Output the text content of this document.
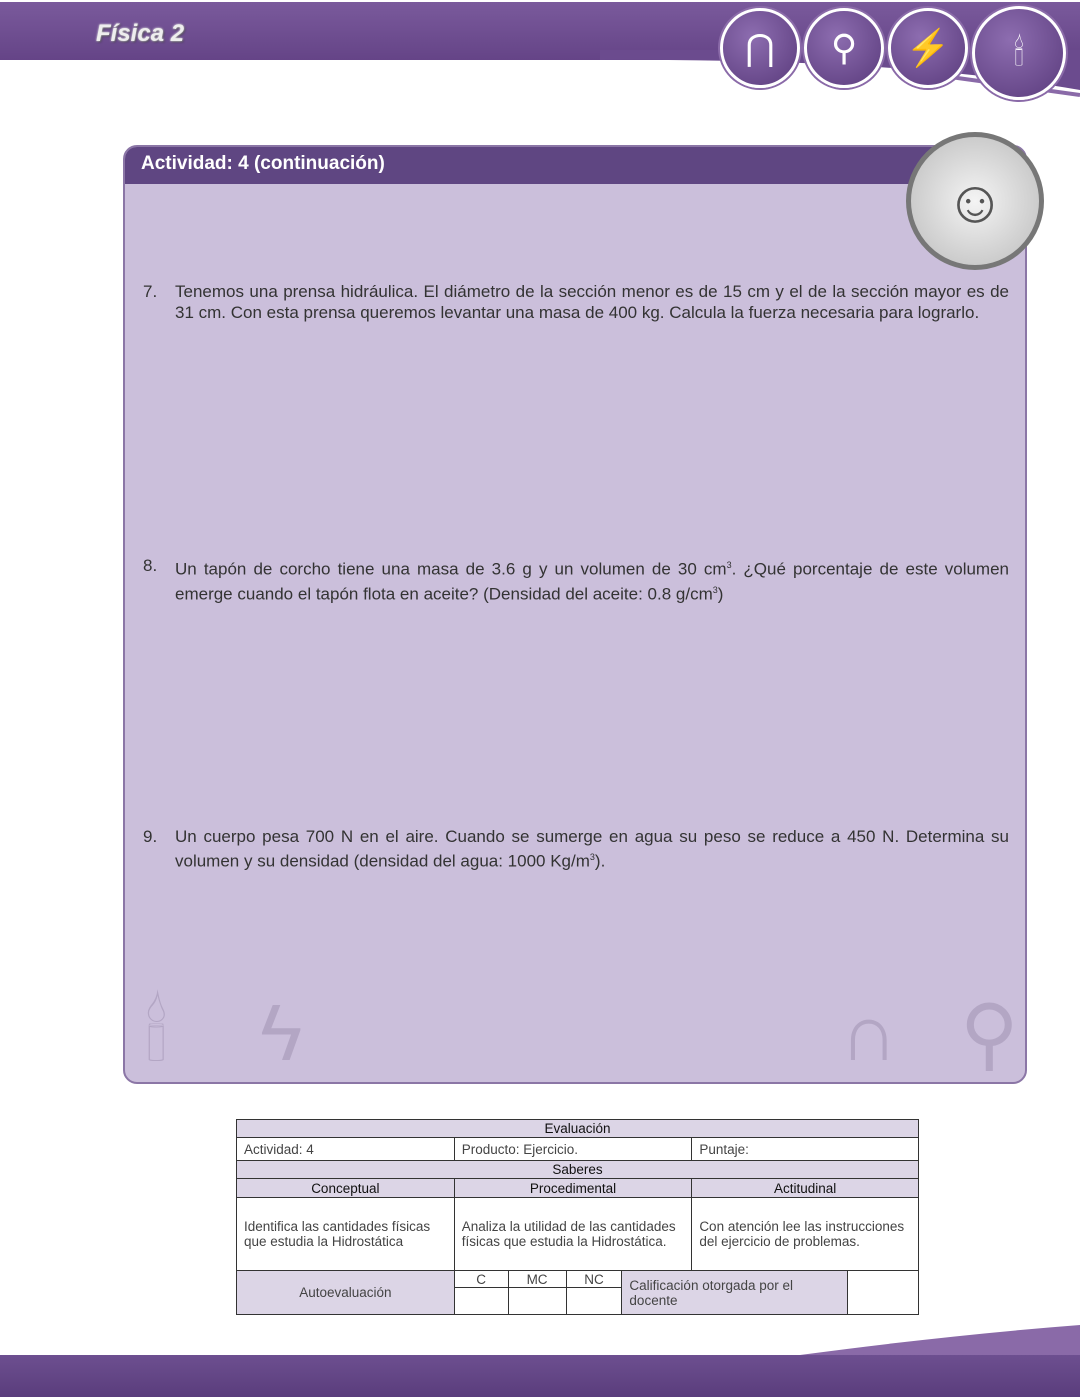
Física 2	⋂	⚲	⚡	🕯
Actividad: 4 (continuación)
🕯 ϟ	∩ ⚲
☺
7. Tenemos una prensa hidráulica. El diámetro de la sección menor es de 15 cm y el de la sección mayor es de 31 cm. Con esta prensa queremos levantar una masa de 400 kg. Calcula la fuerza necesaria para lograrlo.
8. Un tapón de corcho tiene una masa de 3.6 g y un volumen de 30 $cm^3$. ¿Qué porcentaje de este volumen emerge cuando el tapón flota en aceite? (Densidad del aceite: 0.8 $g/cm^3$)
9. Un cuerpo pesa 700 N en el aire. Cuando se sumerge en agua su peso se reduce a 450 N. Determina su volumen y su densidad (densidad del agua: 1000 $Kg/m^3$).
Evaluación						
Actividad: 4	Producto: Ejercicio.				Puntaje:	
Saberes						
Conceptual	Procedimental				Actitudinal	
Identifica las cantidades físicas que estudia la Hidrostática	Analiza la utilidad de las cantidades físicas que estudia la Hidrostática.				Con atención lee las instrucciones del ejercicio de problemas.	
Autoevaluación	C	MC	NC	Calificación otorgada por el docente		
